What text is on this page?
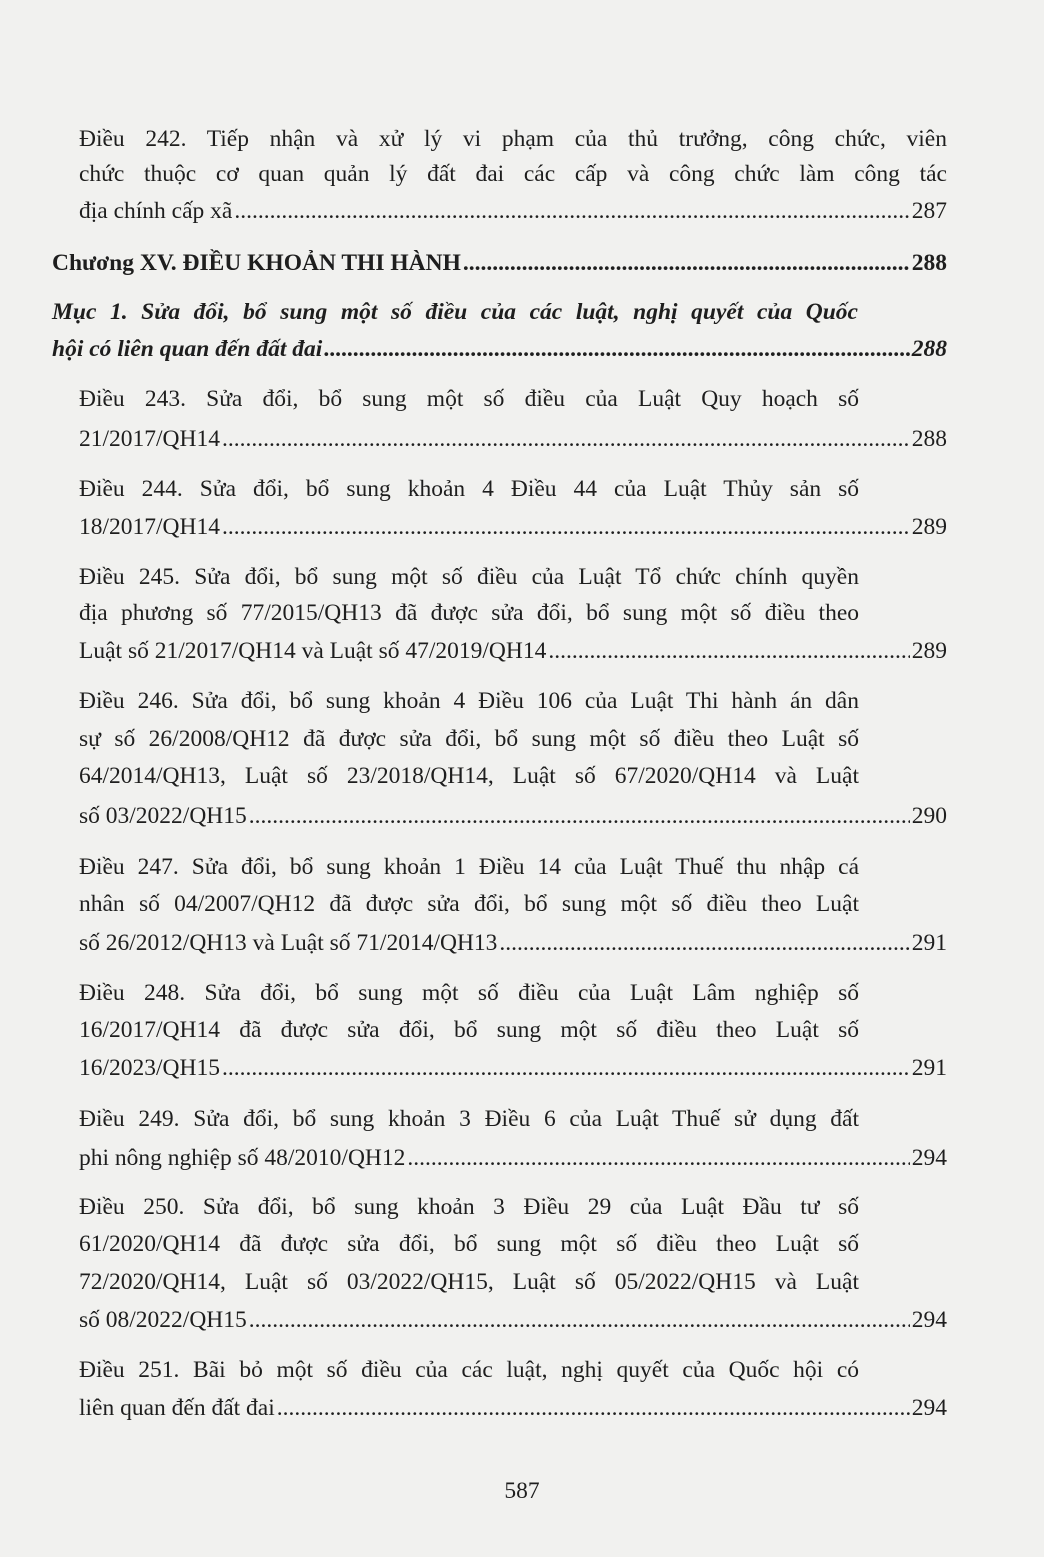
Điều 242. Tiếp nhận và xử lý vi phạm của thủ trưởng, công chức, viên
chức thuộc cơ quan quản lý đất đai các cấp và công chức làm công tác
địa chính cấp xã .....	287
Chương XV. ĐIỀU KHOẢN THI HÀNH .....	288
Mục 1. Sửa đổi, bổ sung một số điều của các luật, nghị quyết của Quốc
hội có liên quan đến đất đai .....	288
Điều 243. Sửa đổi, bổ sung một số điều của Luật Quy hoạch số
21/2017/QH14 .....	288
Điều 244. Sửa đổi, bổ sung khoản 4 Điều 44 của Luật Thủy sản số
18/2017/QH14 .....	289
Điều 245. Sửa đổi, bổ sung một số điều của Luật Tổ chức chính quyền
địa phương số 77/2015/QH13 đã được sửa đổi, bổ sung một số điều theo
Luật số 21/2017/QH14 và Luật số 47/2019/QH14 .....	289
Điều 246. Sửa đổi, bổ sung khoản 4 Điều 106 của Luật Thi hành án dân
sự số 26/2008/QH12 đã được sửa đổi, bổ sung một số điều theo Luật số
64/2014/QH13, Luật số 23/2018/QH14, Luật số 67/2020/QH14 và Luật
số 03/2022/QH15 .....	290
Điều 247. Sửa đổi, bổ sung khoản 1 Điều 14 của Luật Thuế thu nhập cá
nhân số 04/2007/QH12 đã được sửa đổi, bổ sung một số điều theo Luật
số 26/2012/QH13 và Luật số 71/2014/QH13 .....	291
Điều 248. Sửa đổi, bổ sung một số điều của Luật Lâm nghiệp số
16/2017/QH14 đã được sửa đổi, bổ sung một số điều theo Luật số
16/2023/QH15 .....	291
Điều 249. Sửa đổi, bổ sung khoản 3 Điều 6 của Luật Thuế sử dụng đất
phi nông nghiệp số 48/2010/QH12 .....	294
Điều 250. Sửa đổi, bổ sung khoản 3 Điều 29 của Luật Đầu tư số
61/2020/QH14 đã được sửa đổi, bổ sung một số điều theo Luật số
72/2020/QH14, Luật số 03/2022/QH15, Luật số 05/2022/QH15 và Luật
số 08/2022/QH15 .....	294
Điều 251. Bãi bỏ một số điều của các luật, nghị quyết của Quốc hội có
liên quan đến đất đai .....	294
587
